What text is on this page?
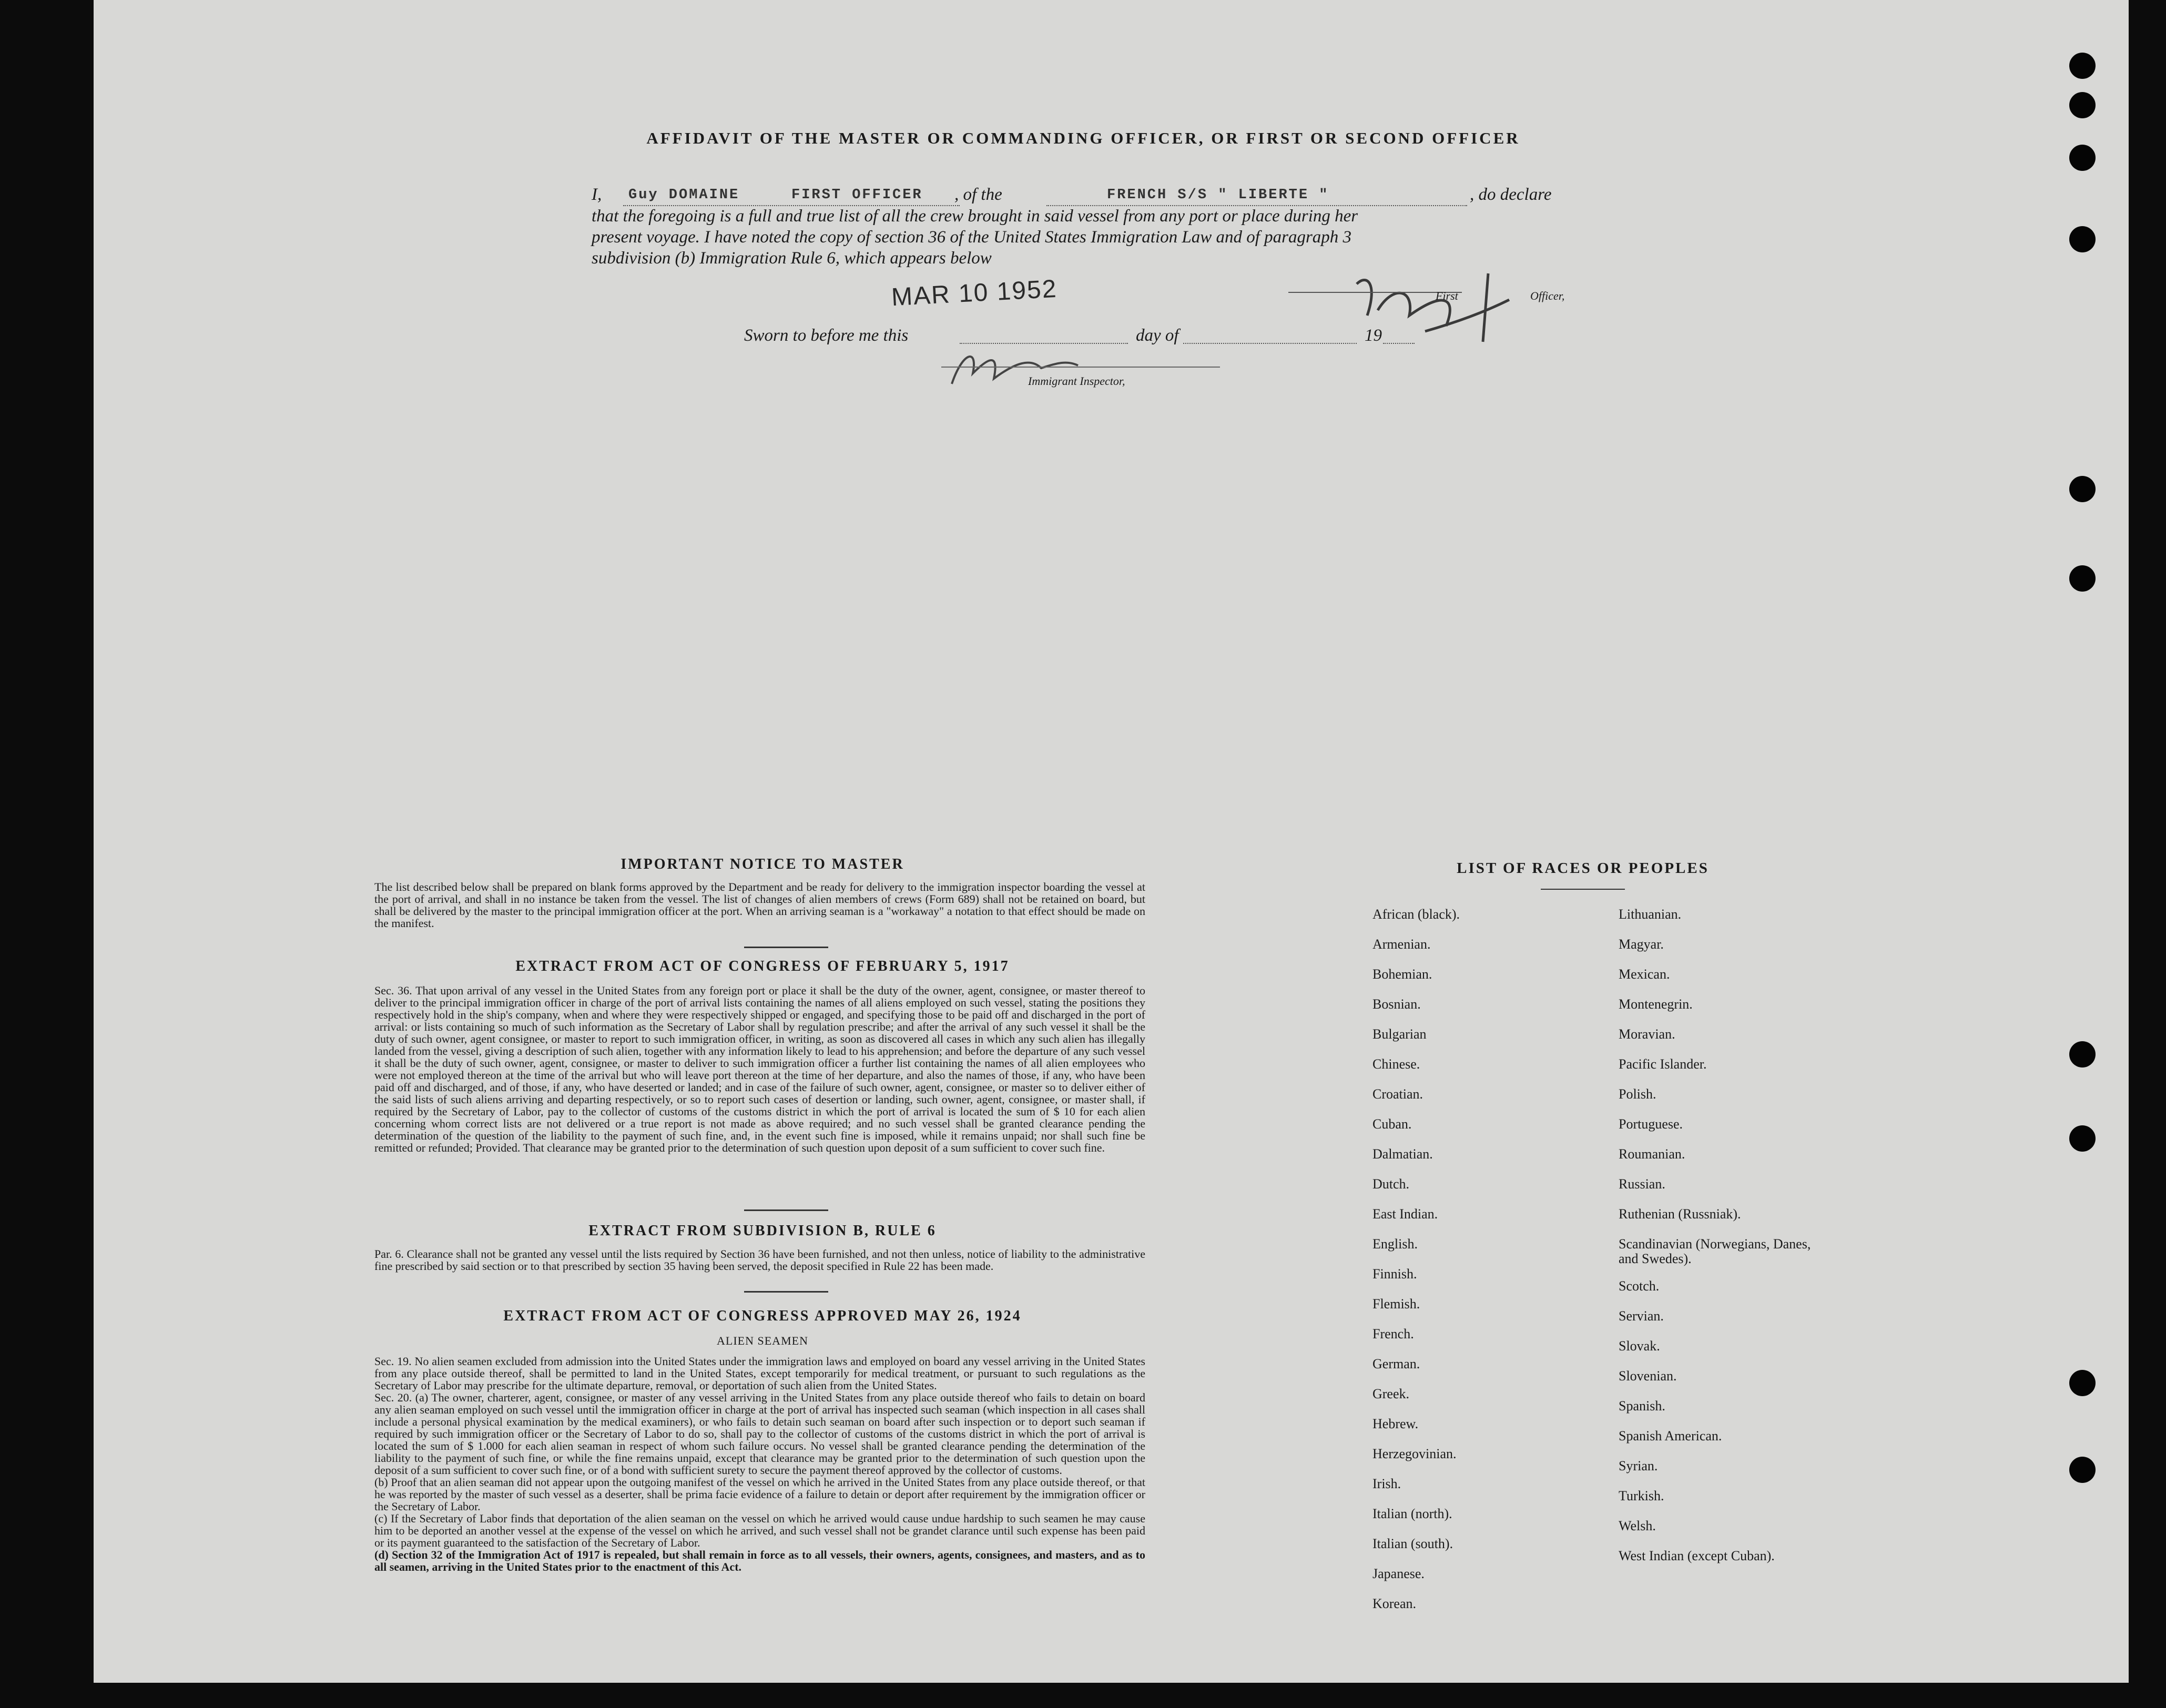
AFFIDAVIT OF THE MASTER OR COMMANDING OFFICER, OR FIRST OR SECOND OFFICER
I, Guy DOMAINE	FIRST OFFICER , of the	FRENCH S/S " LIBERTE "	, do declare
that the foregoing is a full and true list of all the crew brought in said vessel from any port or place during her
present voyage. I have noted the copy of section 36 of the United States Immigration Law and of paragraph 3
subdivision (b) Immigration Rule 6, which appears below
First	Officer,
MAR 10 1952
Sworn to before me this	day of	19
Immigrant Inspector,
IMPORTANT NOTICE TO MASTER
The list described below shall be prepared on blank forms approved by the Department and be ready for delivery to the immigration inspector boarding the vessel at the port of arrival, and shall in no instance be taken from the vessel. The list of changes of alien members of crews (Form 689) shall not be retained on board, but shall be delivered by the master to the principal immigration officer at the port. When an arriving seaman is a "workaway" a notation to that effect should be made on the manifest.
EXTRACT FROM ACT OF CONGRESS OF FEBRUARY 5, 1917
Sec. 36. That upon arrival of any vessel in the United States from any foreign port or place it shall be the duty of the owner, agent, consignee, or master thereof to deliver to the principal immigration officer in charge of the port of arrival lists containing the names of all aliens employed on such vessel, stating the positions they respectively hold in the ship's company, when and where they were respectively shipped or engaged, and specifying those to be paid off and discharged in the port of arrival: or lists containing so much of such information as the Secretary of Labor shall by regulation prescribe; and after the arrival of any such vessel it shall be the duty of such owner, agent consignee, or master to report to such immigration officer, in writing, as soon as discovered all cases in which any such alien has illegally landed from the vessel, giving a description of such alien, together with any information likely to lead to his apprehension; and before the departure of any such vessel it shall be the duty of such owner, agent, consignee, or master to deliver to such immigration officer a further list containing the names of all alien employees who were not employed thereon at the time of the arrival but who will leave port thereon at the time of her departure, and also the names of those, if any, who have been paid off and discharged, and of those, if any, who have deserted or landed; and in case of the failure of such owner, agent, consignee, or master so to deliver either of the said lists of such aliens arriving and departing respectively, or so to report such cases of desertion or landing, such owner, agent, consignee, or master shall, if required by the Secretary of Labor, pay to the collector of customs of the customs district in which the port of arrival is located the sum of $ 10 for each alien concerning whom correct lists are not delivered or a true report is not made as above required; and no such vessel shall be granted clearance pending the determination of the question of the liability to the payment of such fine, and, in the event such fine is imposed, while it remains unpaid; nor shall such fine be remitted or refunded; Provided. That clearance may be granted prior to the determination of such question upon deposit of a sum sufficient to cover such fine.
EXTRACT FROM SUBDIVISION B, RULE 6
Par. 6. Clearance shall not be granted any vessel until the lists required by Section 36 have been furnished, and not then unless, notice of liability to the administrative fine prescribed by said section or to that prescribed by section 35 having been served, the deposit specified in Rule 22 has been made.
EXTRACT FROM ACT OF CONGRESS APPROVED MAY 26, 1924
ALIEN SEAMEN
Sec. 19. No alien seamen excluded from admission into the United States under the immigration laws and employed on board any vessel arriving in the United States from any place outside thereof, shall be permitted to land in the United States, except temporarily for medical treatment, or pursuant to such regulations as the Secretary of Labor may prescribe for the ultimate departure, removal, or deportation of such alien from the United States.
Sec. 20. (a) The owner, charterer, agent, consignee, or master of any vessel arriving in the United States from any place outside thereof who fails to detain on board any alien seaman employed on such vessel until the immigration officer in charge at the port of arrival has inspected such seaman (which inspection in all cases shall include a personal physical examination by the medical examiners), or who fails to detain such seaman on board after such inspection or to deport such seaman if required by such immigration officer or the Secretary of Labor to do so, shall pay to the collector of customs of the customs district in which the port of arrival is located the sum of $ 1.000 for each alien seaman in respect of whom such failure occurs. No vessel shall be granted clearance pending the determination of the liability to the payment of such fine, or while the fine remains unpaid, except that clearance may be granted prior to the determination of such question upon the deposit of a sum sufficient to cover such fine, or of a bond with sufficient surety to secure the payment thereof approved by the collector of customs.
(b) Proof that an alien seaman did not appear upon the outgoing manifest of the vessel on which he arrived in the United States from any place outside thereof, or that he was reported by the master of such vessel as a deserter, shall be prima facie evidence of a failure to detain or deport after requirement by the immigration officer or the Secretary of Labor.
(c) If the Secretary of Labor finds that deportation of the alien seaman on the vessel on which he arrived would cause undue hardship to such seamen he may cause him to be deported an another vessel at the expense of the vessel on which he arrived, and such vessel shall not be grandet clarance until such expense has been paid or its payment guaranteed to the satisfaction of the Secretary of Labor.
(d) Section 32 of the Immigration Act of 1917 is repealed, but shall remain in force as to all vessels, their owners, agents, consignees, and masters, and as to all seamen, arriving in the United States prior to the enactment of this Act.
LIST OF RACES OR PEOPLES
African (black).
Armenian.
Bohemian.
Bosnian.
Bulgarian
Chinese.
Croatian.
Cuban.
Dalmatian.
Dutch.
East Indian.
English.
Finnish.
Flemish.
French.
German.
Greek.
Hebrew.
Herzegovinian.
Irish.
Italian (north).
Italian (south).
Japanese.
Korean.
Lithuanian.
Magyar.
Mexican.
Montenegrin.
Moravian.
Pacific Islander.
Polish.
Portuguese.
Roumanian.
Russian.
Ruthenian (Russniak).
Scandinavian (Norwegians, Danes, and Swedes).
Scotch.
Servian.
Slovak.
Slovenian.
Spanish.
Spanish American.
Syrian.
Turkish.
Welsh.
West Indian (except Cuban).
